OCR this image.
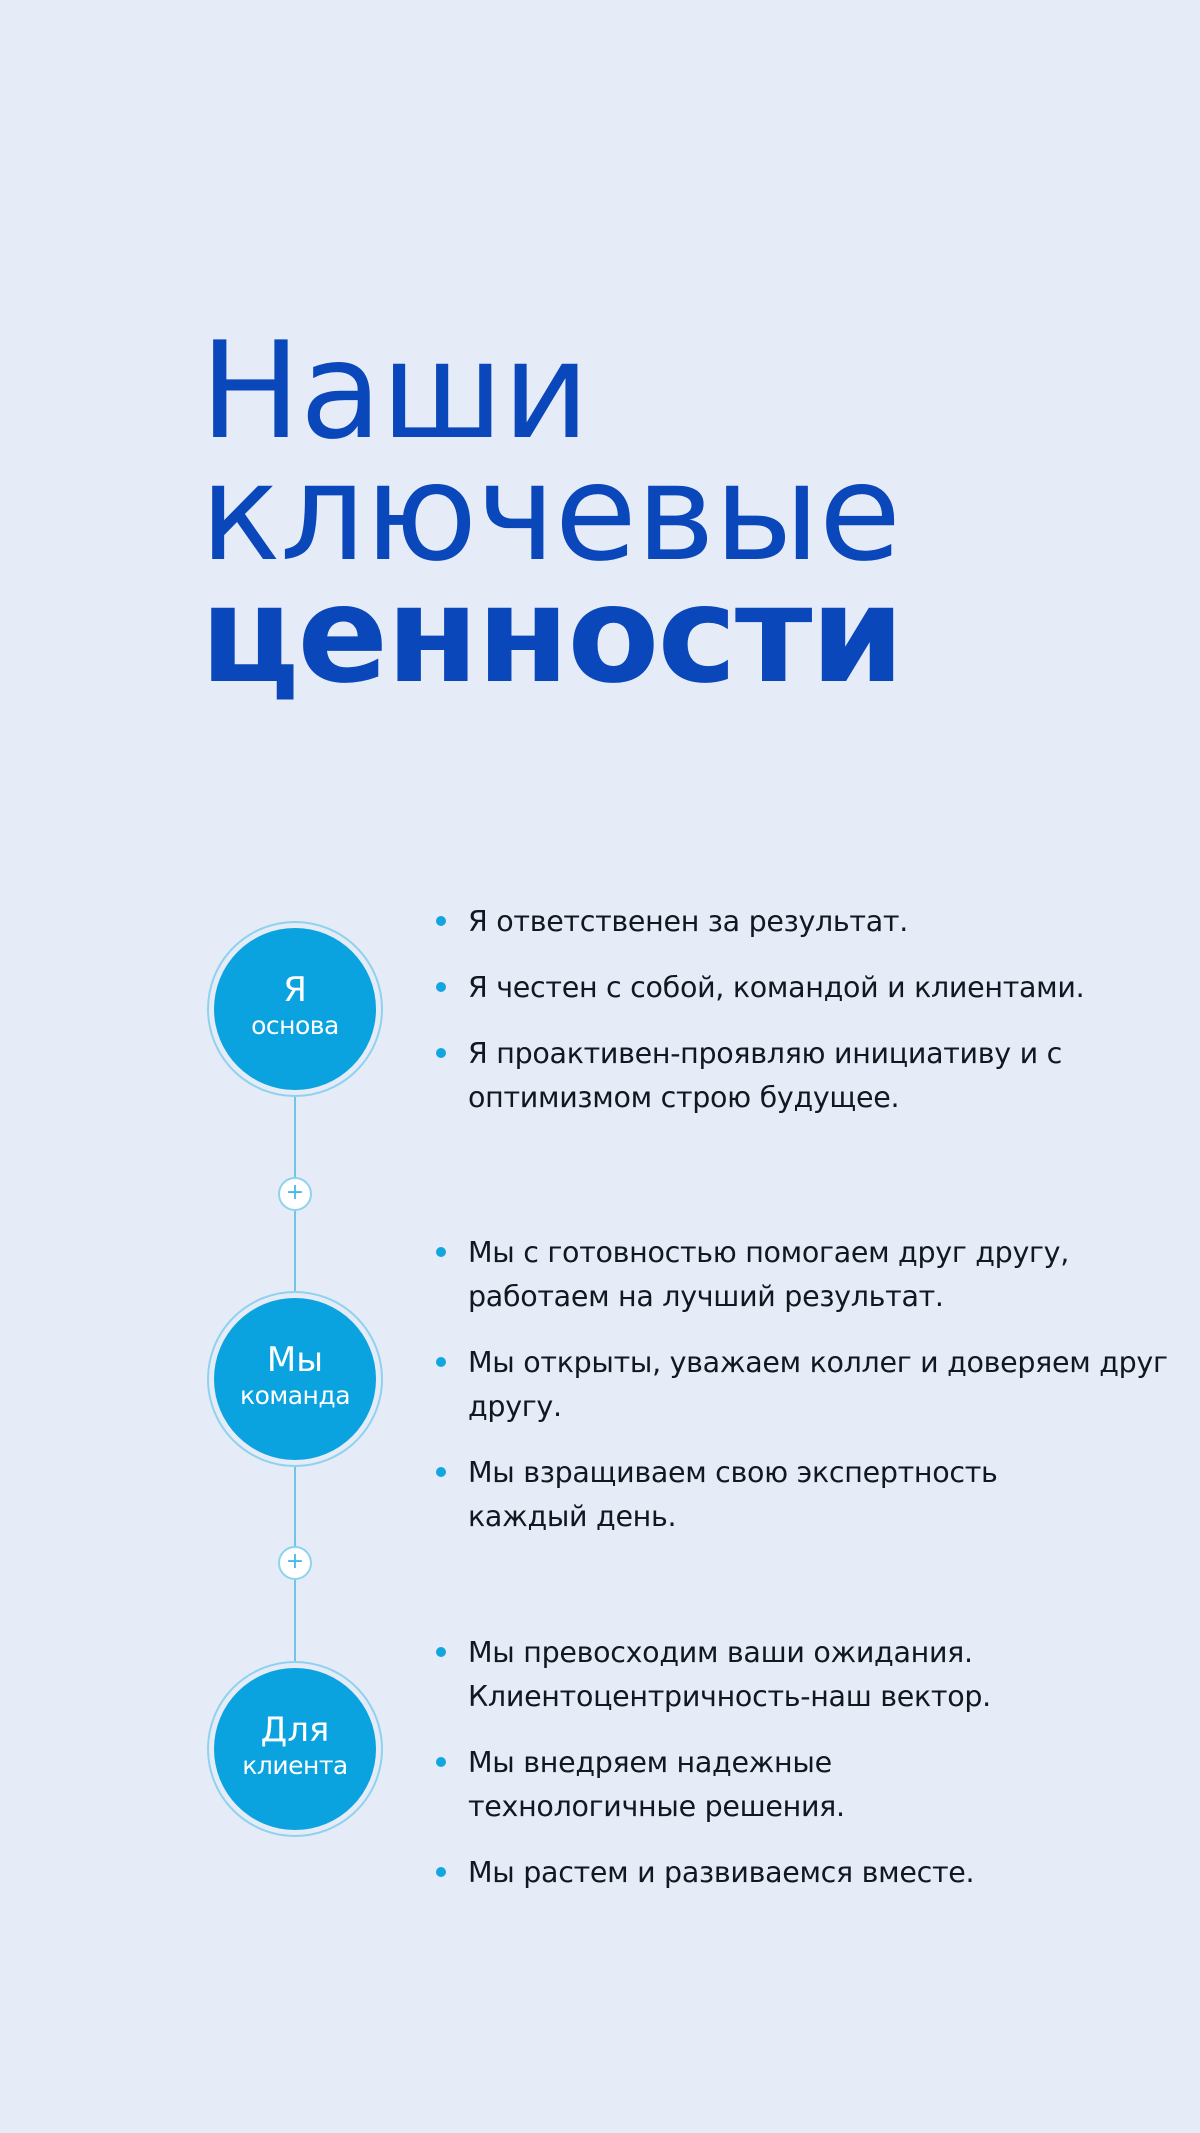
Наши
ключевые
ценности
Я
основа
+
Мы
команда
+
Для
клиента
Я ответственен за результат.
Я честен с собой, командой и клиентами.
Я проактивен-проявляю инициативу и с оптимизмом строю будущее.
Мы с готовностью помогаем друг другу, работаем на лучший результат.
Мы открыты, уважаем коллег и доверяем друг другу.
Мы взращиваем свою экспертность каждый день.
Мы превосходим ваши ожидания. Клиентоцентричность-наш вектор.
Мы внедряем надежные технологичные решения.
Мы растем и развиваемся вместе.
